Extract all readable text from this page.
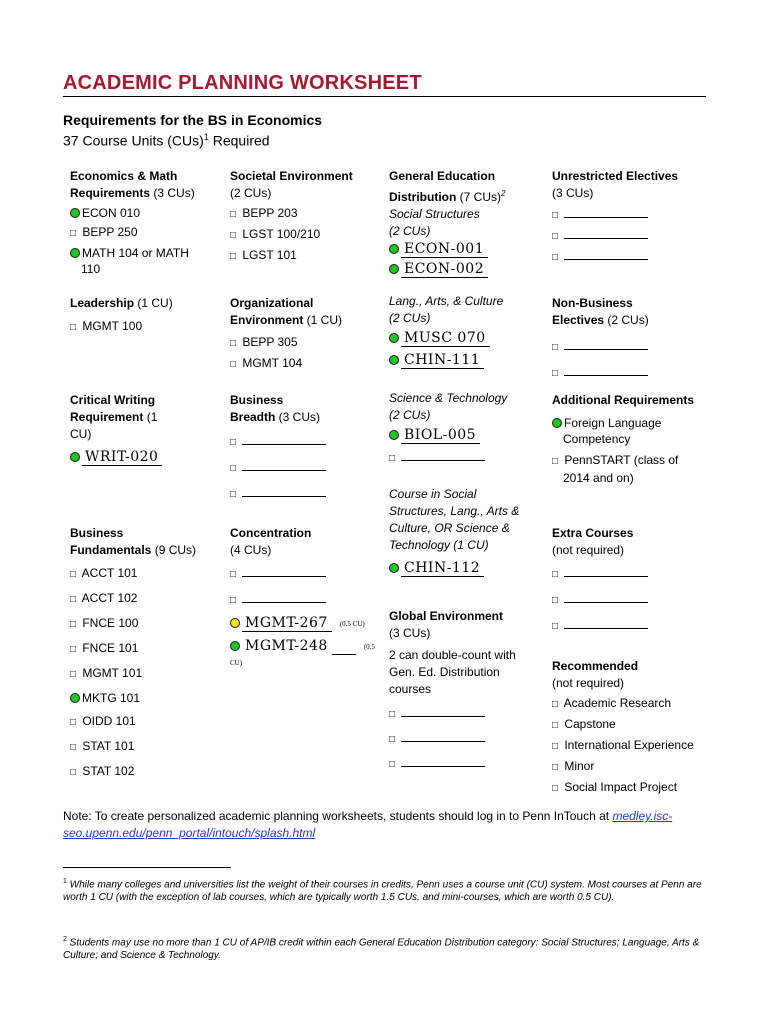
ACADEMIC PLANNING WORKSHEET
Requirements for the BS in Economics
37 Course Units (CUs)$^1$ Required
Economics & Math
Requirements (3 CUs)
ECON 010
□ BEPP 250
MATH 104 or MATH
110
Leadership (1 CU)
□ MGMT 100
Critical Writing
Requirement (1
CU)
WRIT-020
Business
Fundamentals (9 CUs)
□ ACCT 101
□ ACCT 102
□ FNCE 100
□ FNCE 101
□ MGMT 101
MKTG 101
□ OIDD 101
□ STAT 101
□ STAT 102
Societal Environment
(2 CUs)
□ BEPP 203
□ LGST 100/210
□ LGST 101
Organizational
Environment (1 CU)
□ BEPP 305
□ MGMT 104
Business
Breadth (3 CUs)
□
□
□
Concentration
(4 CUs)
□
□
MGMT-267 (0.5 CU)
MGMT-248	(0.5 CU)
General Education
Distribution (7 CUs)$^2$
Social Structures
(2 CUs)
ECON-001
ECON-002
Lang., Arts, & Culture
(2 CUs)
MUSC 070
CHIN-111
Science & Technology
(2 CUs)
BIOL-005
□
Course in Social
Structures, Lang., Arts &
Culture, OR Science &
Technology (1 CU)
CHIN-112
Global Environment
(3 CUs)
2 can double-count with
Gen. Ed. Distribution
courses
□
□
□
Unrestricted Electives
(3 CUs)
□
□
□
Non-Business
Electives (2 CUs)
□
□
Additional Requirements
Foreign Language
Competency
□ PennSTART (class of
2014 and on)
Extra Courses
(not required)
□
□
□
Recommended
(not required)
□ Academic Research
□ Capstone
□ International Experience
□ Minor
□ Social Impact Project
Note: To create personalized academic planning worksheets, students should log in to Penn InTouch at medley.isc-
seo.upenn.edu/penn_portal/intouch/splash.html
$^1$ While many colleges and universities list the weight of their courses in credits, Penn uses a course unit (CU) system. Most courses at Penn are worth 1 CU (with the exception of lab courses, which are typically worth 1.5 CUs, and mini-courses, which are worth 0.5 CU).
$^2$ Students may use no more than 1 CU of AP/IB credit within each General Education Distribution category: Social Structures; Language, Arts & Culture; and Science & Technology.
